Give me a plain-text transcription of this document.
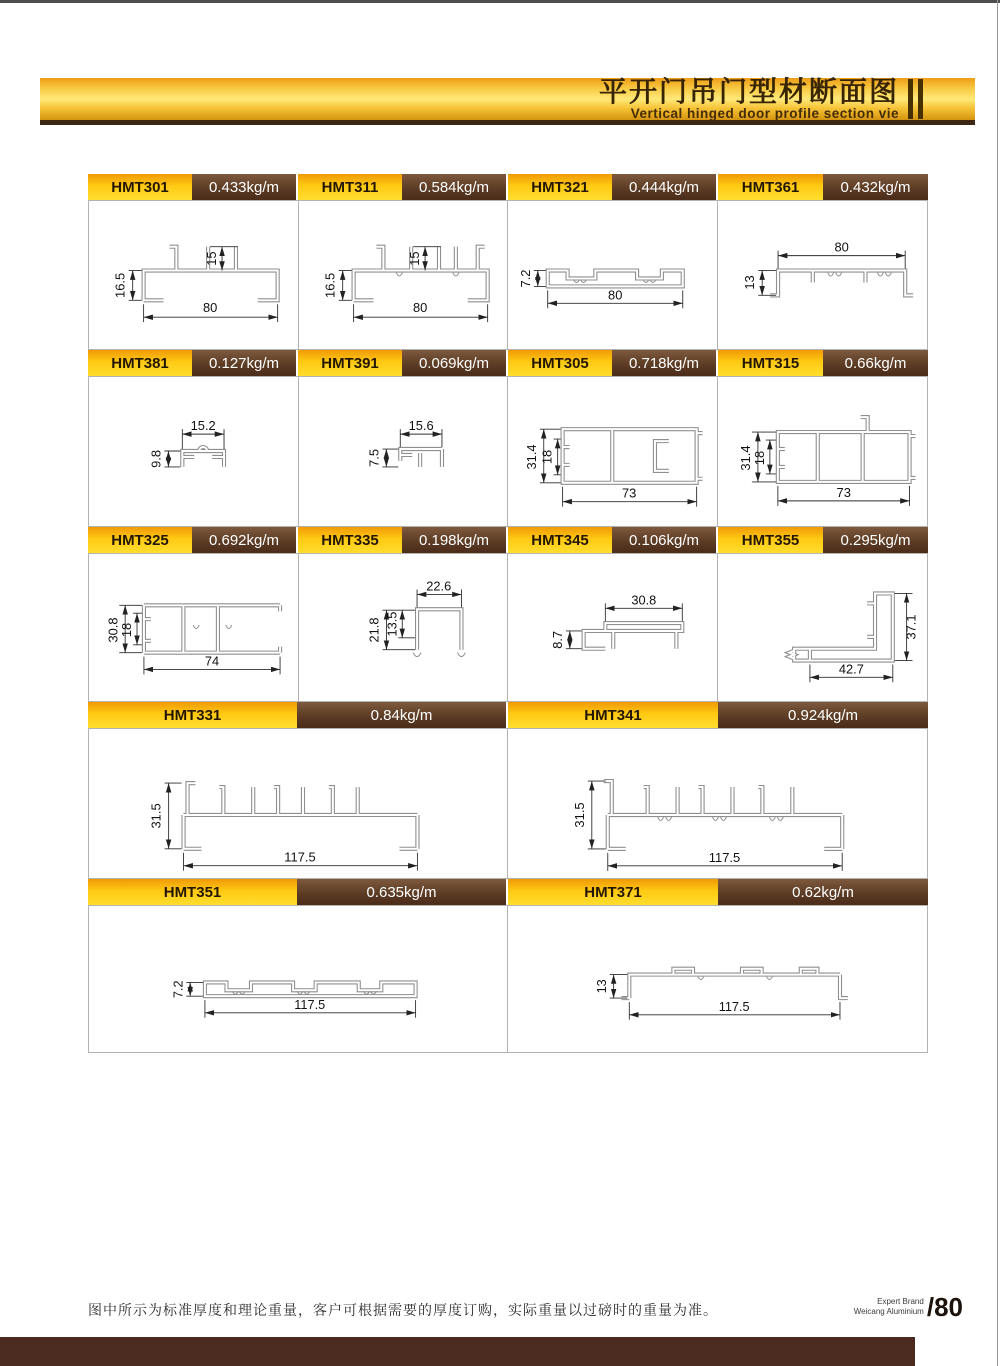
平开门吊门型材断面图
Vertical hinged door profile section vie
HMT301	0.433kg/m	HMT311	0.584kg/m	HMT321	0.444kg/m	HMT361	0.432kg/m
16.5
15
80
16.5
15
80
7.2
80
80
13
HMT381	0.127kg/m	HMT391	0.069kg/m	HMT305	0.718kg/m	HMT315	0.66kg/m
15.2
9.8
15.6
7.5	31.4 18
73
31.4
18
73
HMT325	0.692kg/m	HMT335	0.198kg/m	HMT345	0.106kg/m	HMT355	0.295kg/m
30.8
18
74
22.6
13.5
21.8
30.8
8.7
37.1
42.7
HMT331	0.84kg/m	HMT341	0.924kg/m
31.5
117.5
31.5
117.5
HMT351	0.635kg/m	HMT371	0.62kg/m
7.2
117.5
13
117.5
图中所示为标准厚度和理论重量，客户可根据需要的厚度订购，实际重量以过磅时的重量为准。
Expert Brand
Weicang Aluminium /80
